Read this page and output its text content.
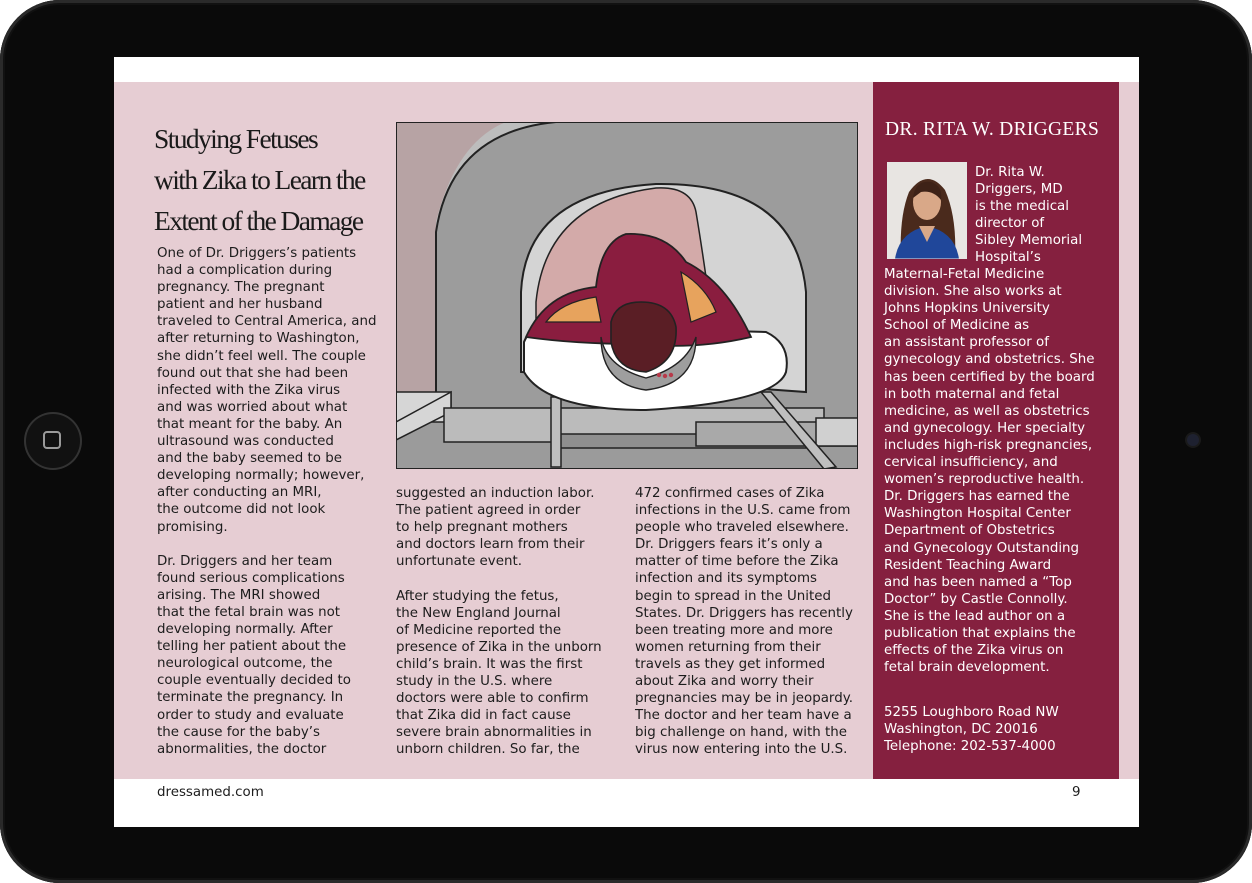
Studying Fetuses
with Zika to Learn the
Extent of the Damage

One of Dr. Driggers’s patients
had a complication during
pregnancy. The pregnant
patient and her husband
traveled to Central America, and
after returning to Washington,
she didn’t feel well. The couple
found out that she had been
infected with the Zika virus
and was worried about what
that meant for the baby. An
ultrasound was conducted
and the baby seemed to be
developing normally; however,
after conducting an MRI,
the outcome did not look
promising.

Dr. Driggers and her team
found serious complications
arising. The MRI showed
that the fetal brain was not
developing normally. After
telling her patient about the
neurological outcome, the
couple eventually decided to
terminate the pregnancy. In
order to study and evaluate
the cause for the baby’s
abnormalities, the doctor

suggested an induction labor.
The patient agreed in order
to help pregnant mothers
and doctors learn from their
unfortunate event.

After studying the fetus,
the New England Journal
of Medicine reported the
presence of Zika in the unborn
child’s brain. It was the first
study in the U.S. where
doctors were able to confirm
that Zika did in fact cause
severe brain abnormalities in
unborn children. So far, the

472 confirmed cases of Zika
infections in the U.S. came from
people who traveled elsewhere.
Dr. Driggers fears it’s only a
matter of time before the Zika
infection and its symptoms
begin to spread in the United
States. Dr. Driggers has recently
been treating more and more
women returning from their
travels as they get informed
about Zika and worry their
pregnancies may be in jeopardy.
The doctor and her team have a
big challenge on hand, with the
virus now entering into the U.S.

DR. RITA W. DRIGGERS

Dr. Rita W.
Driggers, MD
is the medical
director of
Sibley Memorial
Hospital’s

Maternal-Fetal Medicine
division. She also works at
Johns Hopkins University
School of Medicine as
an assistant professor of
gynecology and obstetrics. She
has been certified by the board
in both maternal and fetal
medicine, as well as obstetrics
and gynecology. Her specialty
includes high-risk pregnancies,
cervical insufficiency, and
women’s reproductive health.
Dr. Driggers has earned the
Washington Hospital Center
Department of Obstetrics
and Gynecology Outstanding
Resident Teaching Award
and has been named a “Top
Doctor” by Castle Connolly.
She is the lead author on a
publication that explains the
effects of the Zika virus on
fetal brain development.

5255 Loughboro Road NW
Washington, DC 20016
Telephone: 202-537-4000

dressamed.com	9
